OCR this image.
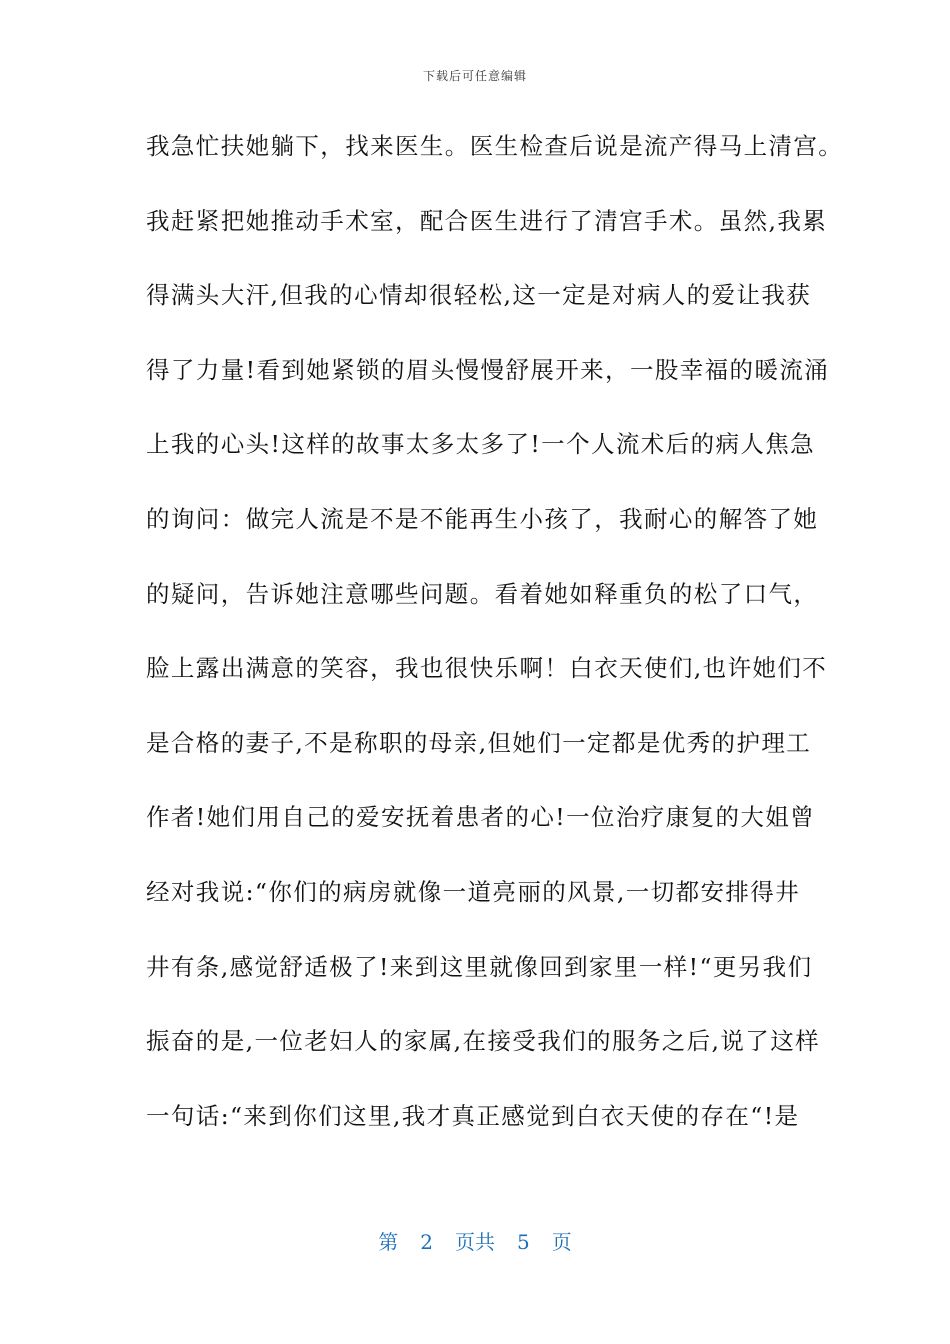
下载后可任意编辑
我急忙扶她躺下，找来医生。医生检查后说是流产得马上清宫。
我赶紧把她推动手术室，配合医生进行了清宫手术。虽然,我累
得满头大汗,但我的心情却很轻松,这一定是对病人的爱让我获
得了力量!看到她紧锁的眉头慢慢舒展开来，一股幸福的暖流涌
上我的心头!这样的故事太多太多了!一个人流术后的病人焦急
的询问：做完人流是不是不能再生小孩了，我耐心的解答了她
的疑问，告诉她注意哪些问题。看着她如释重负的松了口气，
脸上露出满意的笑容，我也很快乐啊！白衣天使们,也许她们不
是合格的妻子,不是称职的母亲,但她们一定都是优秀的护理工
作者!她们用自己的爱安抚着患者的心!一位治疗康复的大姐曾
经对我说:“你们的病房就像一道亮丽的风景,一切都安排得井
井有条,感觉舒适极了!来到这里就像回到家里一样!“更另我们
振奋的是,一位老妇人的家属,在接受我们的服务之后,说了这样
一句话:“来到你们这里,我才真正感觉到白衣天使的存在“!是
第 2 页共 5 页
